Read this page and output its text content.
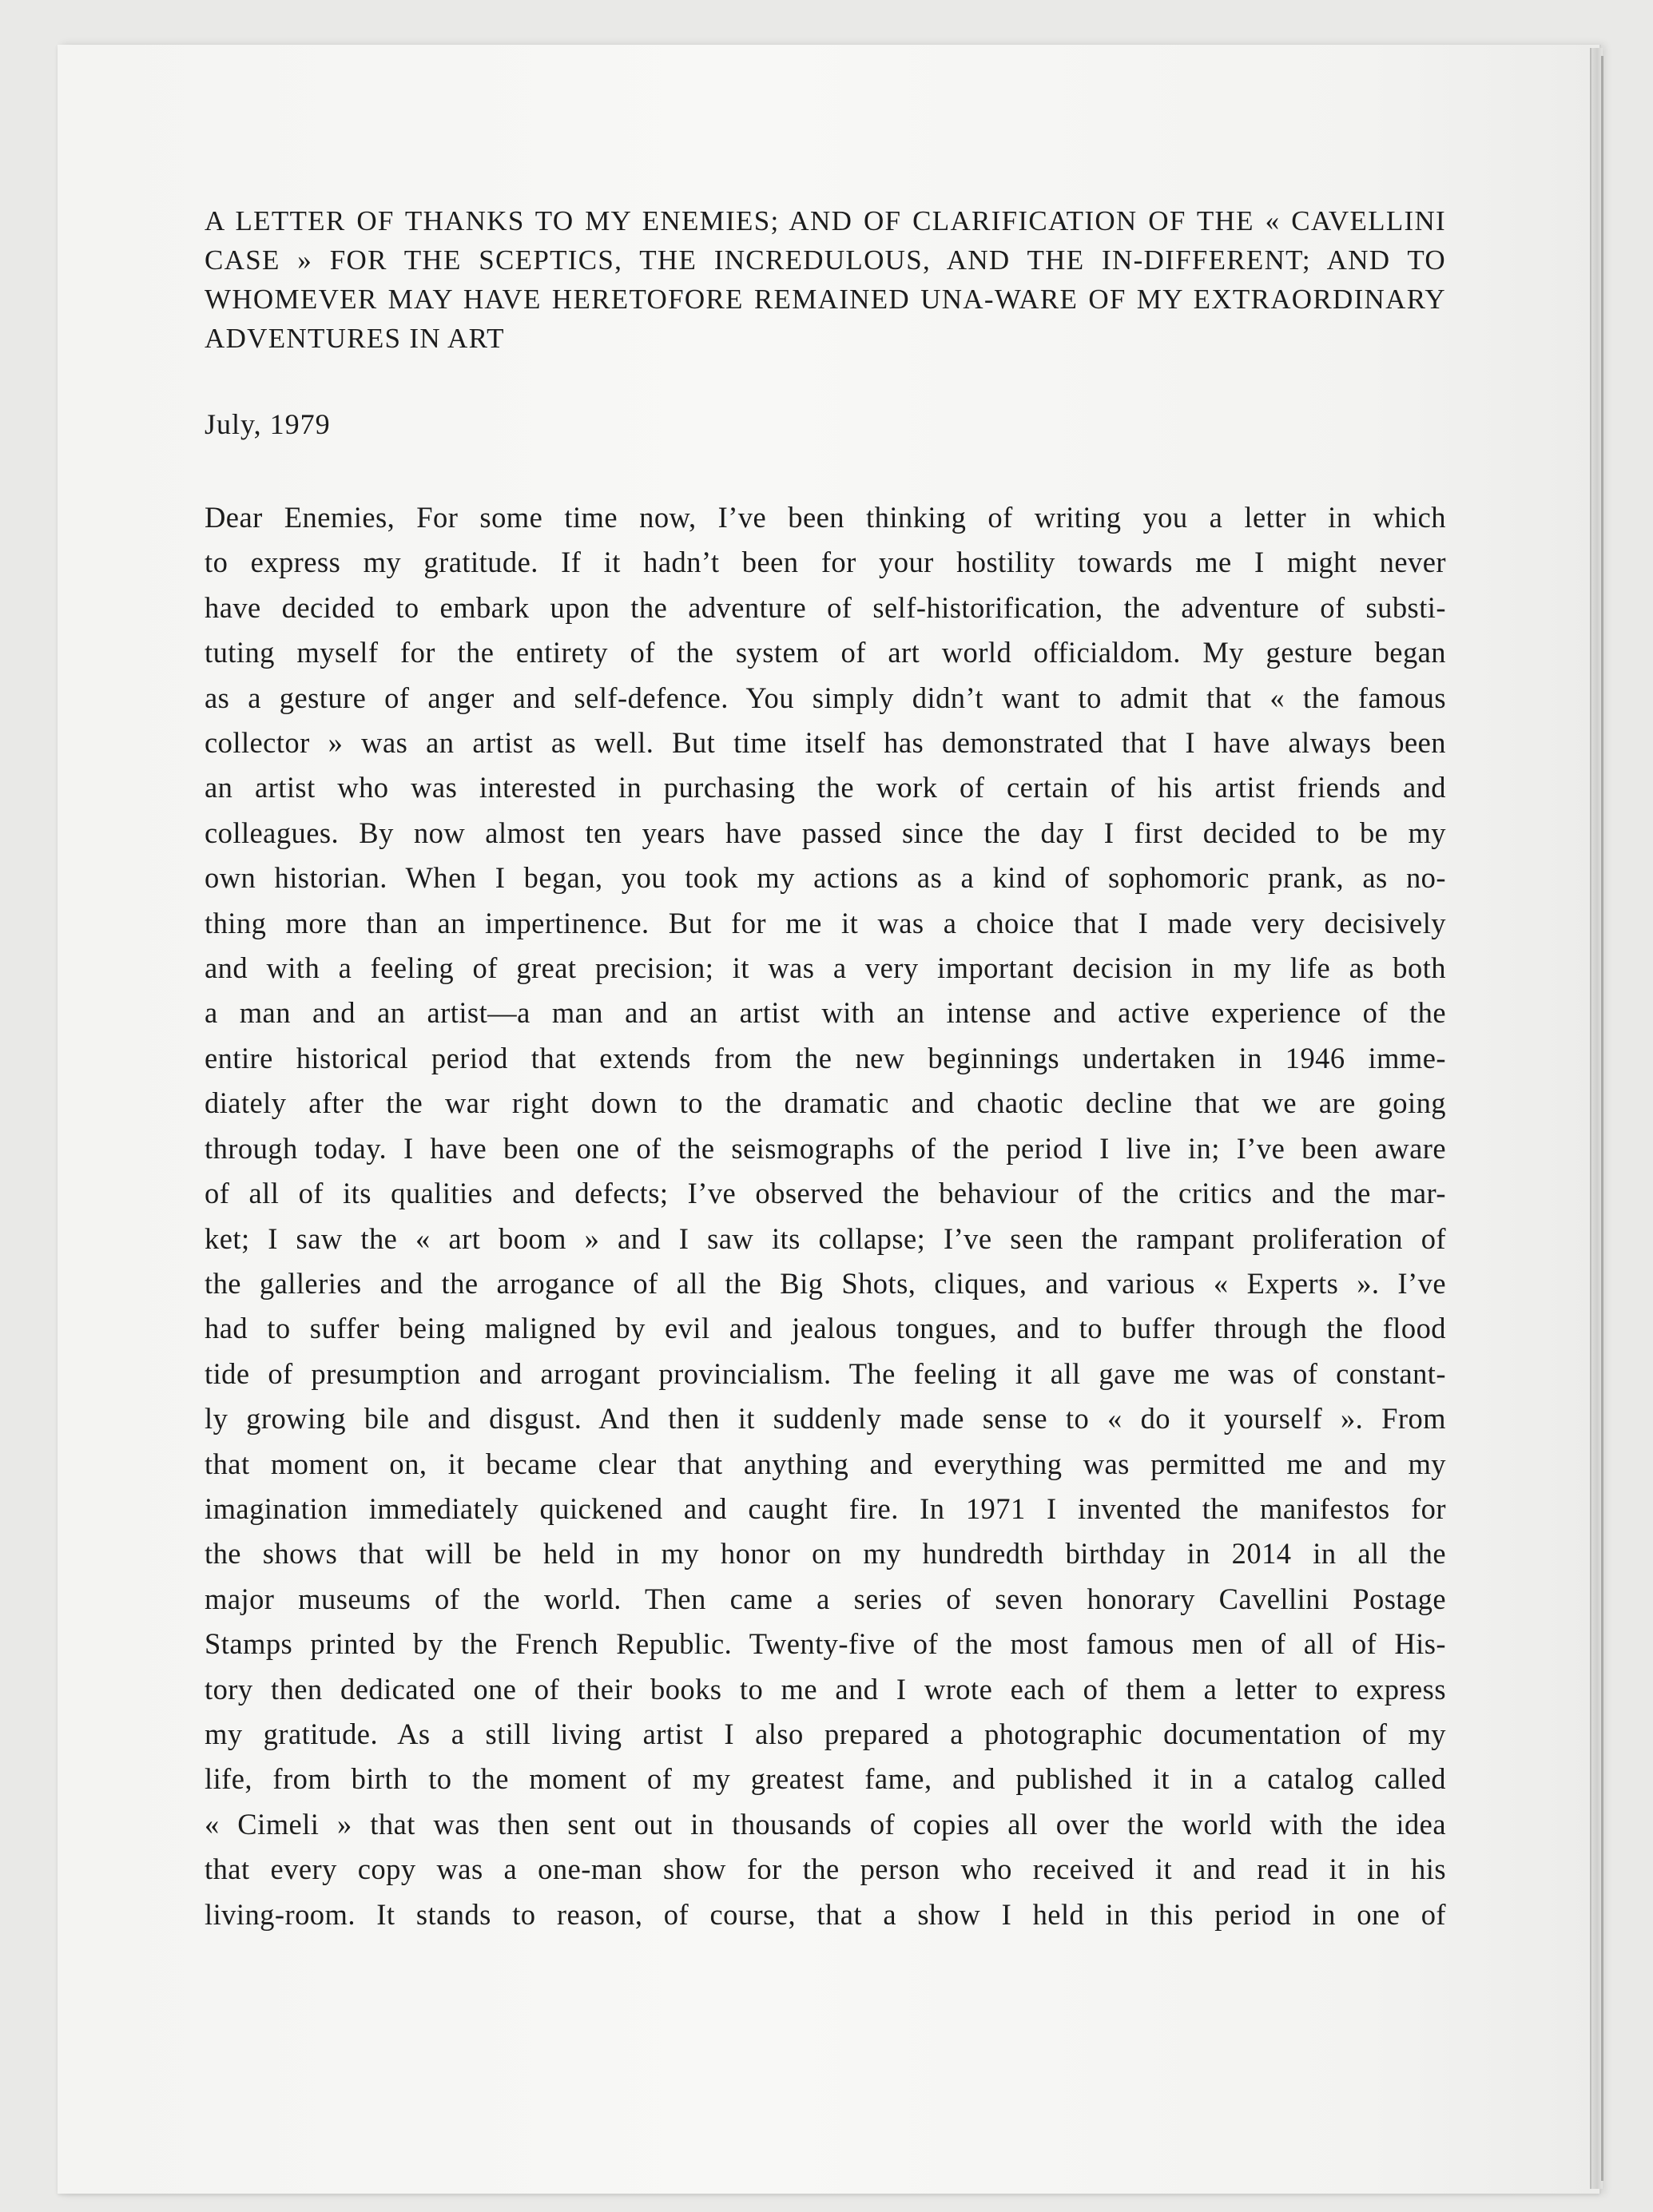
A LETTER OF THANKS TO MY ENEMIES; AND OF CLARIFICATION OF THE « CAVELLINI CASE » FOR THE SCEPTICS, THE INCREDULOUS, AND THE IN-DIFFERENT; AND TO WHOMEVER MAY HAVE HERETOFORE REMAINED UNA-WARE OF MY EXTRAORDINARY ADVENTURES IN ART
July, 1979
Dear Enemies, For some time now, I’ve been thinking of writing you a letter in which
to express my gratitude. If it hadn’t been for your hostility towards me I might never
have decided to embark upon the adventure of self-historification, the adventure of substi-
tuting myself for the entirety of the system of art world officialdom. My gesture began
as a gesture of anger and self-defence. You simply didn’t want to admit that « the famous
collector » was an artist as well. But time itself has demonstrated that I have always been
an artist who was interested in purchasing the work of certain of his artist friends and
colleagues. By now almost ten years have passed since the day I first decided to be my
own historian. When I began, you took my actions as a kind of sophomoric prank, as no-
thing more than an impertinence. But for me it was a choice that I made very decisively
and with a feeling of great precision; it was a very important decision in my life as both
a man and an artist—a man and an artist with an intense and active experience of the
entire historical period that extends from the new beginnings undertaken in 1946 imme-
diately after the war right down to the dramatic and chaotic decline that we are going
through today. I have been one of the seismographs of the period I live in; I’ve been aware
of all of its qualities and defects; I’ve observed the behaviour of the critics and the mar-
ket; I saw the « art boom » and I saw its collapse; I’ve seen the rampant proliferation of
the galleries and the arrogance of all the Big Shots, cliques, and various « Experts ». I’ve
had to suffer being maligned by evil and jealous tongues, and to buffer through the flood
tide of presumption and arrogant provincialism. The feeling it all gave me was of constant-
ly growing bile and disgust. And then it suddenly made sense to « do it yourself ». From
that moment on, it became clear that anything and everything was permitted me and my
imagination immediately quickened and caught fire. In 1971 I invented the manifestos for
the shows that will be held in my honor on my hundredth birthday in 2014 in all the
major museums of the world. Then came a series of seven honorary Cavellini Postage
Stamps printed by the French Republic. Twenty-five of the most famous men of all of His-
tory then dedicated one of their books to me and I wrote each of them a letter to express
my gratitude. As a still living artist I also prepared a photographic documentation of my
life, from birth to the moment of my greatest fame, and published it in a catalog called
« Cimeli » that was then sent out in thousands of copies all over the world with the idea
that every copy was a one-man show for the person who received it and read it in his
living-room. It stands to reason, of course, that a show I held in this period in one of
